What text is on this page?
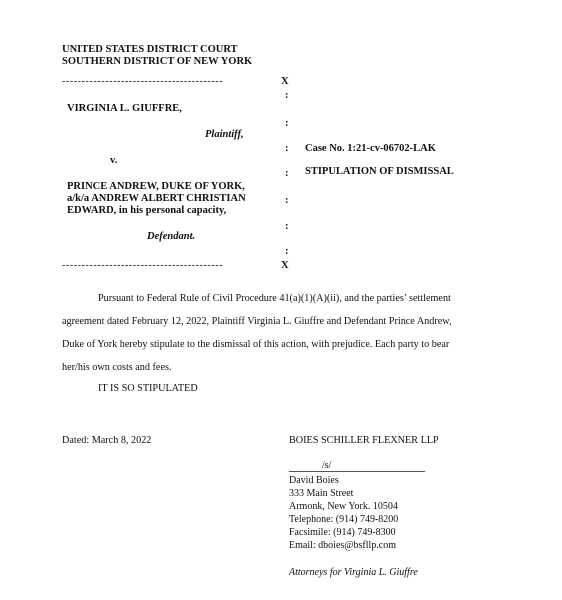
UNITED STATES DISTRICT COURT
SOUTHERN DISTRICT OF NEW YORK
-----------------------------------------	X
:
:
:
:
:
:
:
VIRGINIA L. GIUFFRE,
Plaintiff,
v.
PRINCE ANDREW, DUKE OF YORK,
a/k/a ANDREW ALBERT CHRISTIAN
EDWARD, in his personal capacity,
Defendant.
Case No. 1:21-cv-06702-LAK
STIPULATION OF DISMISSAL
-----------------------------------------	X
Pursuant to Federal Rule of Civil Procedure 41(a)(1)(A)(ii), and the parties’ settlement
agreement dated February 12, 2022, Plaintiff Virginia L. Giuffre and Defendant Prince Andrew,
Duke of York hereby stipulate to the dismissal of this action, with prejudice. Each party to bear
her/his own costs and fees.
IT IS SO STIPULATED
Dated: March 8, 2022	BOIES SCHILLER FLEXNER LLP
/s/
David Boies
333 Main Street
Armonk, New York. 10504
Telephone: (914) 749-8200
Facsimile: (914) 749-8300
Email: dboies@bsfllp.com
Attorneys for Virginia L. Giuffre
